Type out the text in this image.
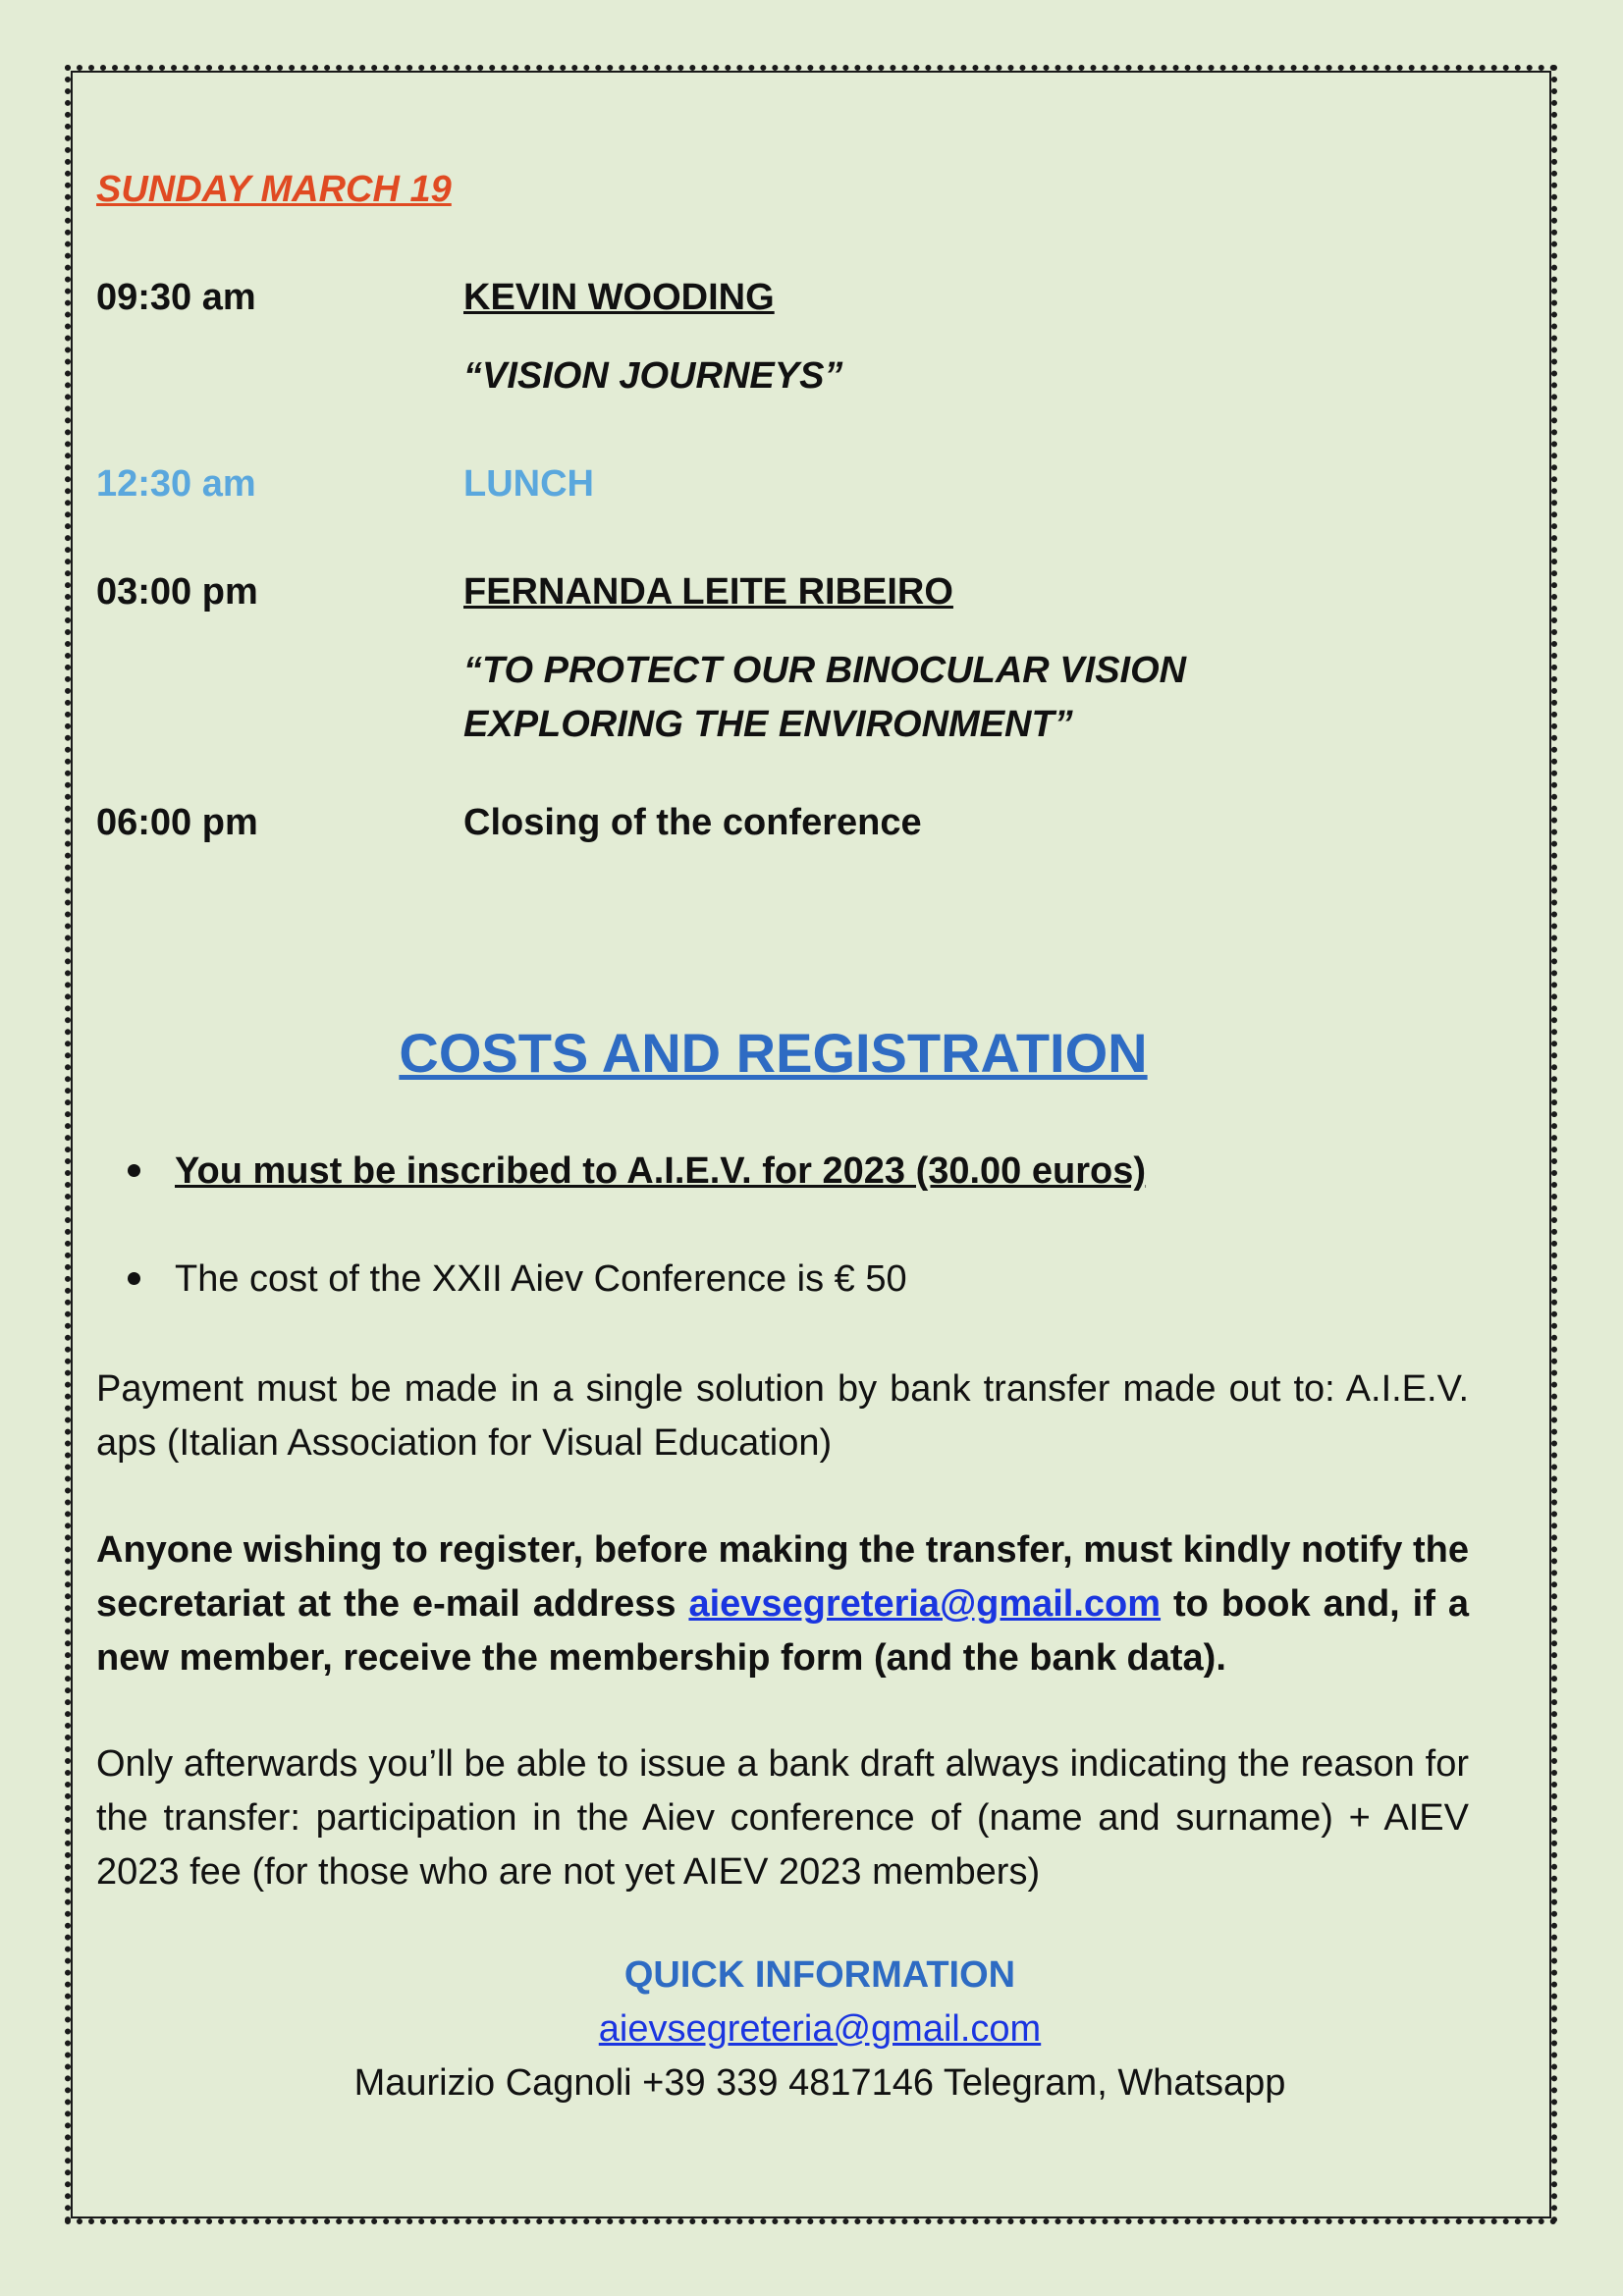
SUNDAY MARCH 19
09:30 am	KEVIN WOODING
“VISION JOURNEYS”
12:30 am	LUNCH
03:00 pm	FERNANDA LEITE RIBEIRO
“TO PROTECT OUR BINOCULAR VISION
EXPLORING THE ENVIRONMENT”
06:00 pm	Closing of the conference
COSTS AND REGISTRATION
You must be inscribed to A.I.E.V. for 2023 (30.00 euros)
The cost of the XXII Aiev Conference is € 50
Payment must be made in a single solution by bank transfer made out to: A.I.E.V. aps (Italian Association for Visual Education)
Anyone wishing to register, before making the transfer, must kindly notify the secretariat at the e-mail address aievsegreteria@gmail.com to book and, if a new member, receive the membership form (and the bank data).
Only afterwards you’ll be able to issue a bank draft always indicating the reason for the transfer: participation in the Aiev conference of (name and surname) + AIEV 2023 fee (for those who are not yet AIEV 2023 members)
QUICK INFORMATION
aievsegreteria@gmail.com
Maurizio Cagnoli +39 339 4817146 Telegram, Whatsapp
